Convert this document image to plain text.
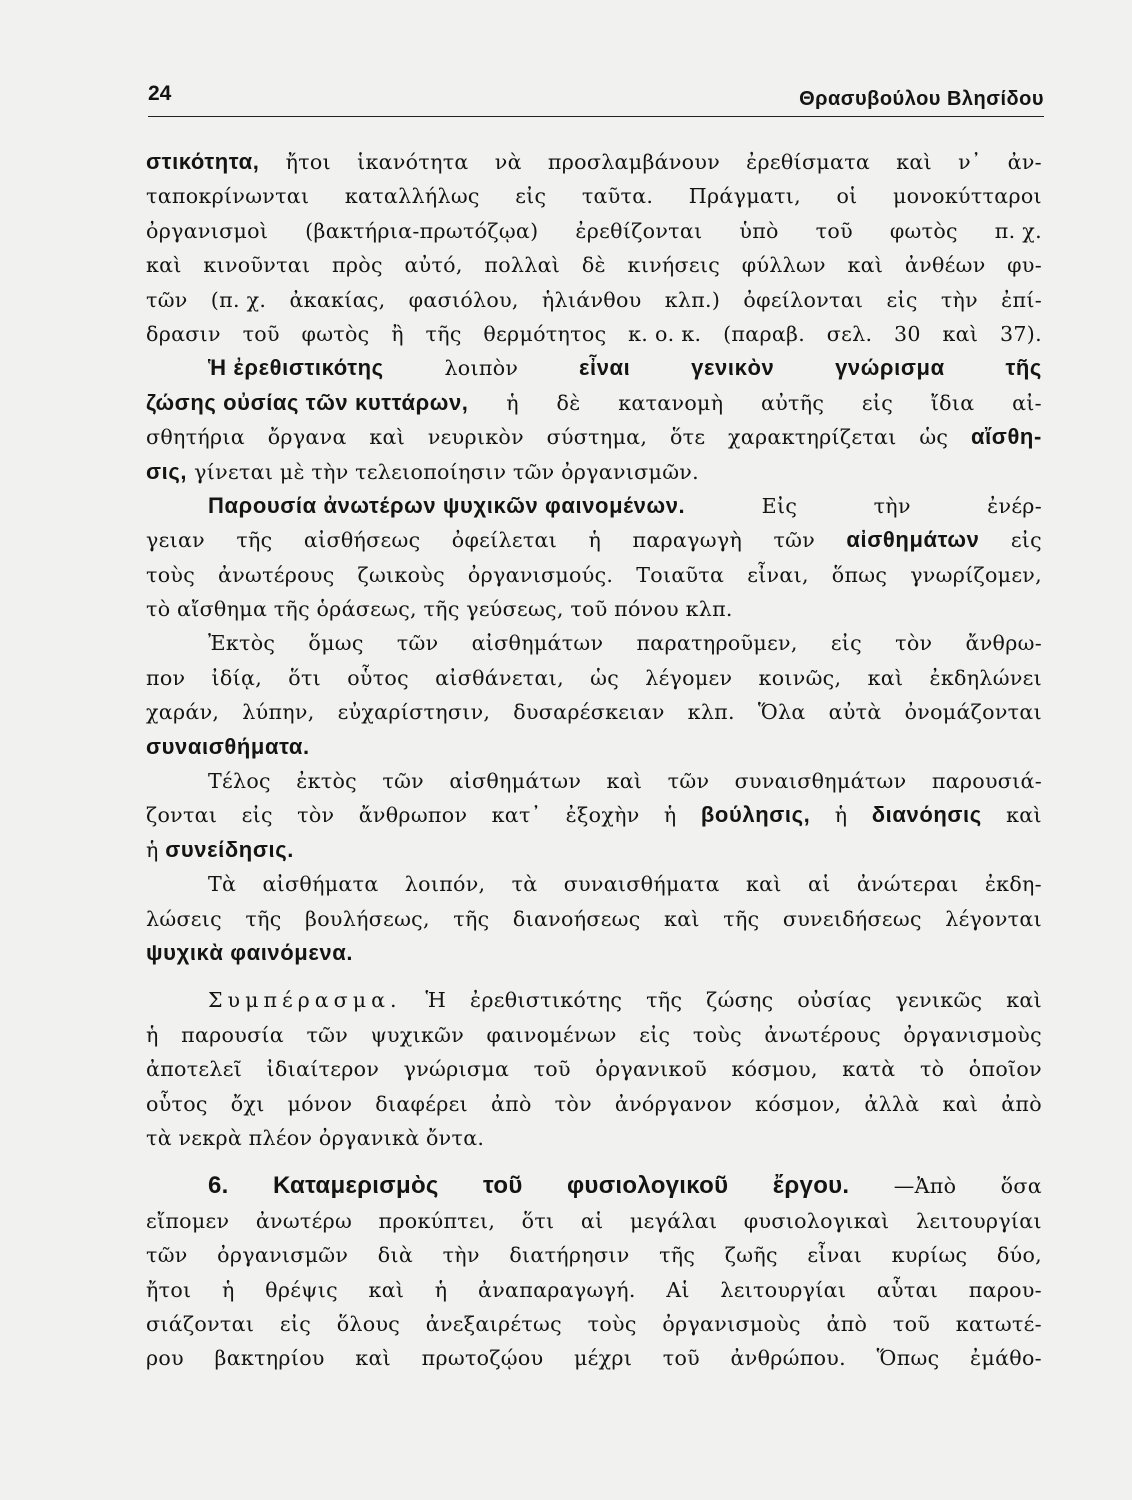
24	Θρασυβούλου Βλησίδου
στικότητα, ἤτοι ἱκανότητα νὰ προσλαμβάνουν ἐρεθίσματα καὶ ν᾽ ἀν-
ταποκρίνωνται καταλλήλως εἰς ταῦτα. Πράγματι, οἱ μονοκύτταροι
ὀργανισμοὶ (βακτήρια-πρωτόζῳα) ἐρεθίζονται ὑπὸ τοῦ φωτὸς π. χ.
καὶ κινοῦνται πρὸς αὐτό, πολλαὶ δὲ κινήσεις φύλλων καὶ ἀνθέων φυ-
τῶν (π. χ. ἀκακίας, φασιόλου, ἡλιάνθου κλπ.) ὀφείλονται εἰς τὴν ἐπί-
δρασιν τοῦ φωτὸς ἢ τῆς θερμότητος κ. ο. κ. (παραβ. σελ. 30 καὶ 37).
Ἡ ἐρεθιστικότης	λοιπὸν	εἶναι	γενικὸν	γνώρισμα	τῆς
ζώσης οὐσίας τῶν κυττάρων, ἡ δὲ κατανομὴ αὐτῆς εἰς ἴδια αἰ-
σθητήρια ὄργανα καὶ νευρικὸν σύστημα, ὅτε χαρακτηρίζεται ὡς αἴσθη-
σις, γίνεται μὲ τὴν τελειοποίησιν τῶν ὀργανισμῶν.
Παρουσία ἀνωτέρων ψυχικῶν φαινομένων.	Εἰς	τὴν	ἐνέρ-
γειαν τῆς αἰσθήσεως ὀφείλεται ἡ παραγωγὴ τῶν αἰσθημάτων εἰς
τοὺς ἀνωτέρους ζωικοὺς ὀργανισμούς. Τοιαῦτα εἶναι, ὅπως γνωρίζομεν,
τὸ αἴσθημα τῆς ὁράσεως, τῆς γεύσεως, τοῦ πόνου κλπ.
Ἐκτὸς ὅμως τῶν αἰσθημάτων παρατηροῦμεν, εἰς τὸν ἄνθρω-
πον ἰδίᾳ, ὅτι οὗτος αἰσθάνεται, ὡς λέγομεν κοινῶς, καὶ ἐκδηλώνει
χαράν, λύπην, εὐχαρίστησιν, δυσαρέσκειαν κλπ. Ὅλα αὐτὰ ὀνομάζονται
συναισθήματα.
Τέλος ἐκτὸς τῶν αἰσθημάτων καὶ τῶν συναισθημάτων παρουσιά-
ζονται εἰς τὸν ἄνθρωπον κατ᾽ ἐξοχὴν ἡ βούλησις, ἡ διανόησις καὶ
ἡ συνείδησις.
Τὰ αἰσθήματα λοιπόν, τὰ συναισθήματα καὶ αἱ ἀνώτεραι ἐκδη-
λώσεις τῆς βουλήσεως, τῆς διανοήσεως καὶ τῆς συνειδήσεως λέγονται
ψυχικὰ φαινόμενα.
Συμπέρασμα. Ἡ ἐρεθιστικότης τῆς ζώσης οὐσίας γενικῶς καὶ
ἡ παρουσία τῶν ψυχικῶν φαινομένων εἰς τοὺς ἀνωτέρους ὀργανισμοὺς
ἀποτελεῖ ἰδιαίτερον γνώρισμα τοῦ ὀργανικοῦ κόσμου, κατὰ τὸ ὁποῖον
οὗτος ὄχι μόνον διαφέρει ἀπὸ τὸν ἀνόργανον κόσμον, ἀλλὰ καὶ ἀπὸ
τὰ νεκρὰ πλέον ὀργανικὰ ὄντα.
6. Καταμερισμὸς τοῦ φυσιολογικοῦ ἔργου. —Ἀπὸ ὅσα
εἴπομεν ἀνωτέρω προκύπτει, ὅτι αἱ μεγάλαι φυσιολογικαὶ λειτουργίαι
τῶν ὀργανισμῶν διὰ τὴν διατήρησιν τῆς ζωῆς εἶναι κυρίως δύο,
ἤτοι ἡ θρέψις καὶ ἡ ἀναπαραγωγή. Αἱ λειτουργίαι αὗται παρου-
σιάζονται εἰς ὅλους ἀνεξαιρέτως τοὺς ὀργανισμοὺς ἀπὸ τοῦ κατωτέ-
ρου βακτηρίου καὶ πρωτοζῴου μέχρι τοῦ ἀνθρώπου. Ὅπως ἐμάθο-
